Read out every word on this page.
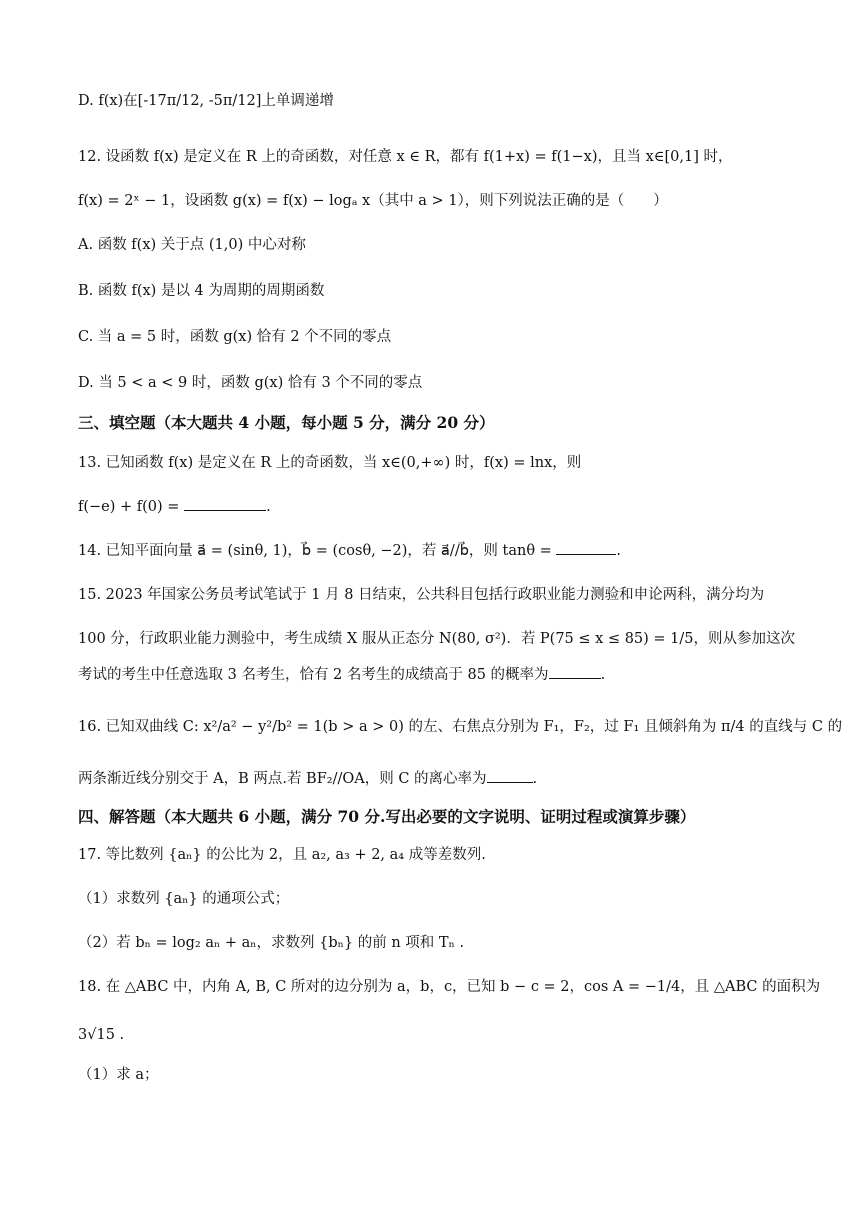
D. f(x)在[-17π/12, -5π/12]上单调递增
12. 设函数 f(x) 是定义在 R 上的奇函数，对任意 x ∈ R，都有 f(1+x) = f(1−x)，且当 x∈[0,1] 时，
f(x) = 2ˣ − 1，设函数 g(x) = f(x) − logₐ x（其中 a > 1），则下列说法正确的是（　　）
A. 函数 f(x) 关于点 (1,0) 中心对称
B. 函数 f(x) 是以 4 为周期的周期函数
C. 当 a = 5 时，函数 g(x) 恰有 2 个不同的零点
D. 当 5 < a < 9 时，函数 g(x) 恰有 3 个不同的零点
三、填空题（本大题共 4 小题，每小题 5 分，满分 20 分）
13. 已知函数 f(x) 是定义在 R 上的奇函数，当 x∈(0,+∞) 时，f(x) = lnx，则
f(−e) + f(0) =	.
14. 已知平面向量 a⃗ = (sinθ, 1)，b⃗ = (cosθ, −2)，若 a⃗//b⃗，则 tanθ =	.
15. 2023 年国家公务员考试笔试于 1 月 8 日结束，公共科目包括行政职业能力测验和申论两科，满分均为
100 分，行政职业能力测验中，考生成绩 X 服从正态分 N(80, σ²)．若 P(75 ≤ x ≤ 85) = 1/5，则从参加这次
考试的考生中任意选取 3 名考生，恰有 2 名考生的成绩高于 85 的概率为	.
16. 已知双曲线 C: x²/a² − y²/b² = 1(b > a > 0) 的左、右焦点分别为 F₁，F₂，过 F₁ 且倾斜角为 π/4 的直线与 C 的
两条渐近线分别交于 A，B 两点.若 BF₂//OA，则 C 的离心率为	.
四、解答题（本大题共 6 小题，满分 70 分.写出必要的文字说明、证明过程或演算步骤）
17. 等比数列 {aₙ} 的公比为 2，且 a₂, a₃ + 2, a₄ 成等差数列.
（1）求数列 {aₙ} 的通项公式；
（2）若 bₙ = log₂ aₙ + aₙ，求数列 {bₙ} 的前 n 项和 Tₙ .
18. 在 △ABC 中，内角 A, B, C 所对的边分别为 a，b，c，已知 b − c = 2，cos A = −1/4，且 △ABC 的面积为
3√15 .
（1）求 a；
